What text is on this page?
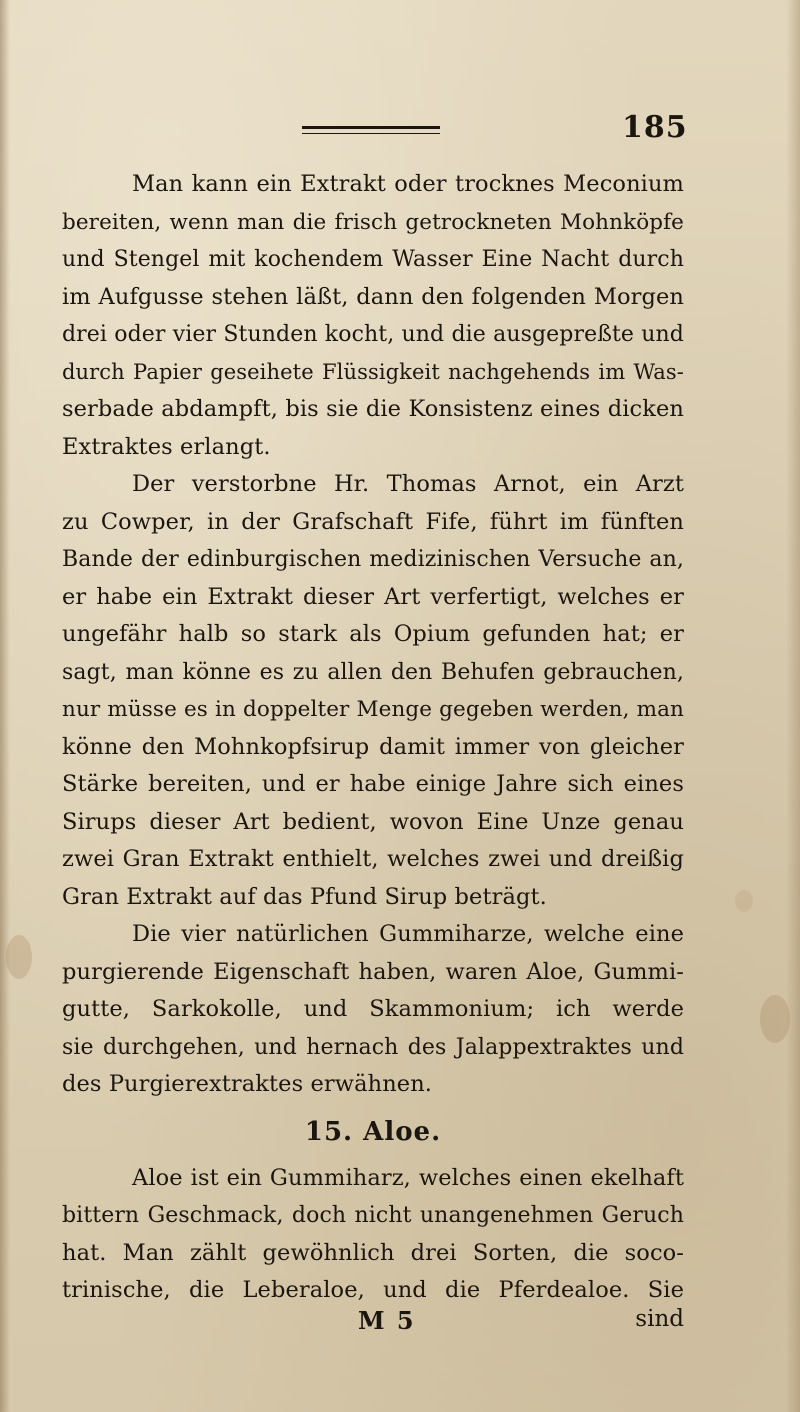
185
Man kann ein Extrakt oder trocknes Meconium
bereiten, wenn man die frisch getrockneten Mohnköpfe
und Stengel mit kochendem Wasser Eine Nacht durch
im Aufgusse stehen läßt, dann den folgenden Morgen
drei oder vier Stunden kocht, und die ausgepreßte und
durch Papier geseihete Flüssigkeit nachgehends im Was-
serbade abdampft, bis sie die Konsistenz eines dicken
Extraktes erlangt.
Der verstorbne Hr. Thomas Arnot, ein Arzt
zu Cowper, in der Grafschaft Fife, führt im fünften
Bande der edinburgischen medizinischen Versuche an,
er habe ein Extrakt dieser Art verfertigt, welches er
ungefähr halb so stark als Opium gefunden hat; er
sagt, man könne es zu allen den Behufen gebrauchen,
nur müsse es in doppelter Menge gegeben werden, man
könne den Mohnkopfsirup damit immer von gleicher
Stärke bereiten, und er habe einige Jahre sich eines
Sirups dieser Art bedient, wovon Eine Unze genau
zwei Gran Extrakt enthielt, welches zwei und dreißig
Gran Extrakt auf das Pfund Sirup beträgt.
Die vier natürlichen Gummiharze, welche eine
purgierende Eigenschaft haben, waren Aloe, Gummi-
gutte, Sarkokolle, und Skammonium; ich werde
sie durchgehen, und hernach des Jalappextraktes und
des Purgierextraktes erwähnen.
15. Aloe.
Aloe ist ein Gummiharz, welches einen ekelhaft
bittern Geschmack, doch nicht unangenehmen Geruch
hat. Man zählt gewöhnlich drei Sorten, die soco-
trinische, die Leberaloe, und die Pferdealoe. Sie
M 5	sind
